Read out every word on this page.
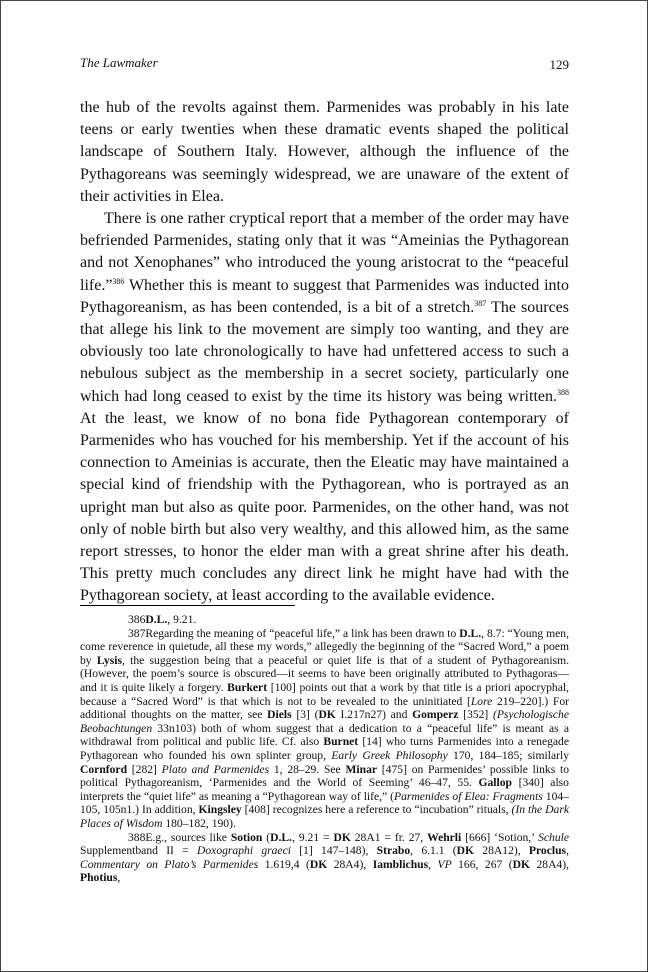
The Lawmaker	129

the hub of the revolts against them. Parmenides was probably in his late teens or early twenties when these dramatic events shaped the political landscape of Southern Italy. However, although the influence of the Pythagoreans was seemingly widespread, we are unaware of the extent of their activities in Elea.

There is one rather cryptical report that a member of the order may have befriended Parmenides, stating only that it was “Ameinias the Pythagorean and not Xenophanes” who introduced the young aristocrat to the “peaceful life.”$^{386}$ Whether this is meant to suggest that Parmenides was inducted into Pythagoreanism, as has been contended, is a bit of a stretch.$^{387}$ The sources that allege his link to the movement are simply too wanting, and they are obviously too late chronologically to have had unfettered access to such a nebulous subject as the membership in a secret society, particularly one which had long ceased to exist by the time its history was being written.$^{388}$ At the least, we know of no bona fide Pythagorean contemporary of Parmenides who has vouched for his membership. Yet if the account of his connection to Ameinias is accurate, then the Eleatic may have maintained a special kind of friendship with the Pythagorean, who is portrayed as an upright man but also as quite poor. Parmenides, on the other hand, was not only of noble birth but also very wealthy, and this allowed him, as the same report stresses, to honor the elder man with a great shrine after his death. This pretty much concludes any direct link he might have had with the Pythagorean society, at least according to the available evidence.

386D.L., 9.21.

387Regarding the meaning of “peaceful life,” a link has been drawn to D.L., 8.7: “Young men, come reverence in quietude, all these my words,” allegedly the beginning of the “Sacred Word,” a poem by Lysis, the suggestion being that a peaceful or quiet life is that of a student of Pythagoreanism. (However, the poem’s source is obscured—it seems to have been originally attributed to Pythagoras—and it is quite likely a forgery. Burkert [100] points out that a work by that title is a priori apocryphal, because a “Sacred Word” is that which is not to be revealed to the uninitiated [Lore 219–220].) For additional thoughts on the matter, see Diels [3] (DK I.217n27) and Gomperz [352] (Psychologische Beobachtungen 33n103) both of whom suggest that a dedication to a “peaceful life” is meant as a withdrawal from political and public life. Cf. also Burnet [14] who turns Parmenides into a renegade Pythagorean who founded his own splinter group, Early Greek Philosophy 170, 184–185; similarly Cornford [282] Plato and Parmenides 1, 28–29. See Minar [475] on Parmenides’ possible links to political Pythagoreanism, ‘Parmenides and the World of Seeming’ 46–47, 55. Gallop [340] also interprets the “quiet life” as meaning a “Pythagorean way of life,” (Parmenides of Elea: Fragments 104–105, 105n1.) In addition, Kingsley [408] recognizes here a reference to “incubation” rituals, (In the Dark Places of Wisdom 180–182, 190).

388E.g., sources like Sotion (D.L., 9.21 = DK 28A1 = fr. 27, Wehrli [666] ‘Sotion,’ Schule Supplementband II = Doxographi graeci [1] 147–148), Strabo, 6.1.1 (DK 28A12), Proclus, Commentary on Plato’s Parmenides 1.619,4 (DK 28A4), Iamblichus, VP 166, 267 (DK 28A4), Photius,
